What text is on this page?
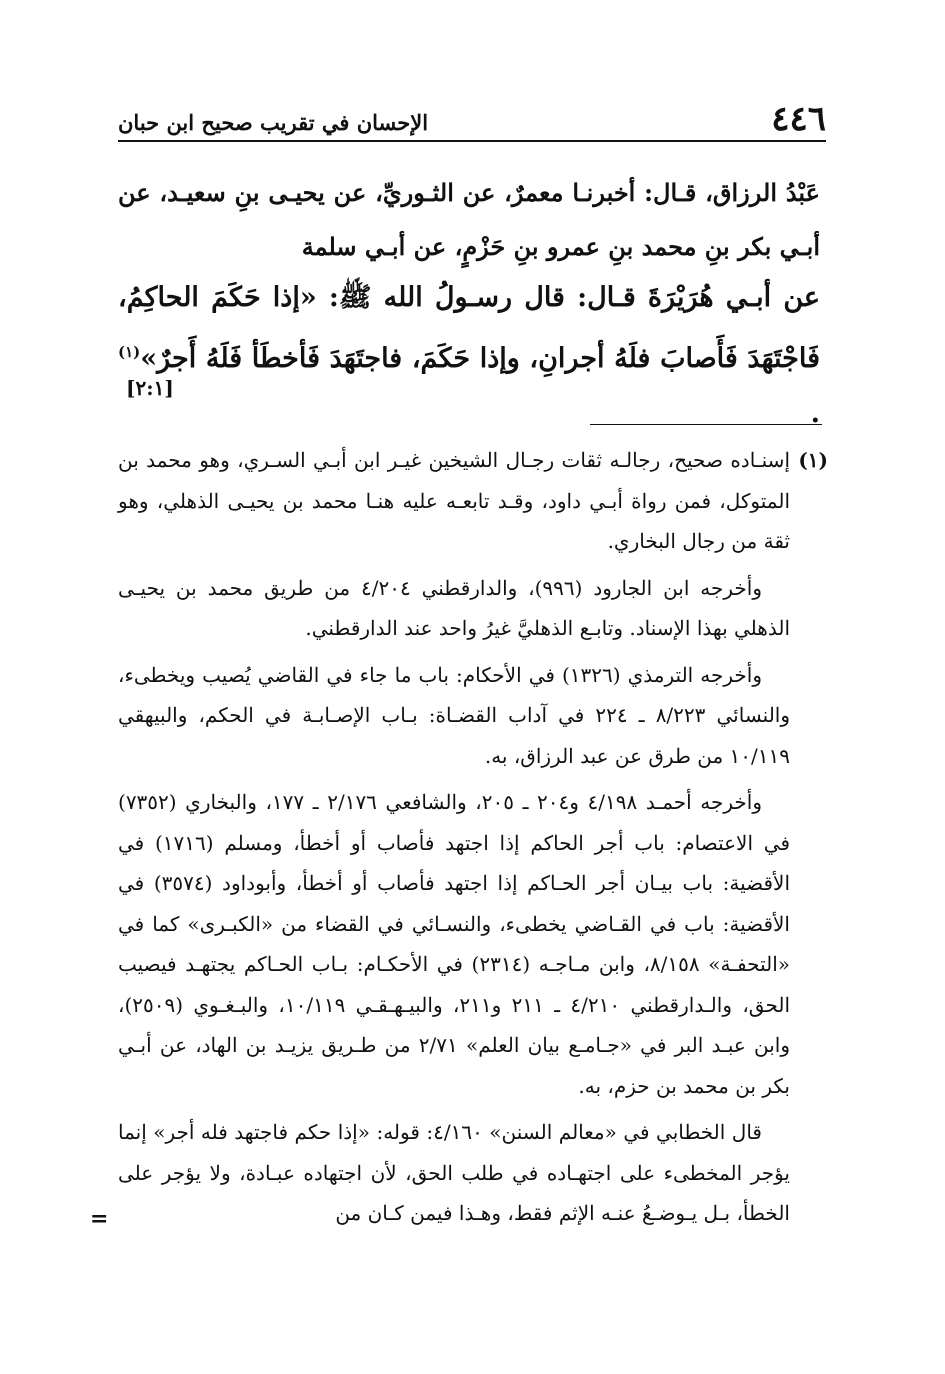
٤٤٦
الإحسان في تقريب صحيح ابن حبان
عَبْدُ الرزاق، قـال: أخبرنـا معمرٌ، عن الثـوريِّ، عن يحيـى بنِ سعيـد، عن أبـي بكر بنِ محمد بنِ عمرو بنِ حَزْمٍ، عن أبـي سلمة
عن أبـي هُرَيْرَةَ قـال: قال رسـولُ الله ﷺ: «إذا حَكَمَ الحاكِمُ، فَاجْتَهَدَ فَأَصابَ فلَهُ أجرانِ، وإذا حَكَمَ، فاجتَهَدَ فَأخطَأ فَلَهُ أَجرٌ»$^{(١)}$ .
[٢:١]
(١)

إسنـاده صحيح، رجالـه ثقات رجـال الشيخين غيـر ابن أبـي السـري، وهو محمد بن المتوكل، فمن رواة أبـي داود، وقـد تابعـه عليه هنـا محمد بن يحيـى الذهلي، وهو ثقة من رجال البخاري.

وأخرجه ابن الجارود (٩٩٦)، والدارقطني ٤/٢٠٤ من طريق محمد بن يحيـى الذهلي بهذا الإسناد. وتابـع الذهليَّ غيرُ واحد عند الدارقطني.

وأخرجه الترمذي (١٣٢٦) في الأحكام: باب ما جاء في القاضي يُصيب ويخطىء، والنسائي ٨/٢٢٣ ـ ٢٢٤ في آداب القضـاة: بـاب الإصـابـة في الحكم، والبيهقي ١٠/١١٩ من طرق عن عبد الرزاق، به.

وأخرجه أحمـد ٤/١٩٨ و٢٠٤ ـ ٢٠٥، والشافعي ٢/١٧٦ ـ ١٧٧، والبخاري (٧٣٥٢) في الاعتصام: باب أجر الحاكم إذا اجتهد فأصاب أو أخطأ، ومسلم (١٧١٦) في الأقضية: باب بيـان أجر الحـاكم إذا اجتهد فأصاب أو أخطأ، وأبوداود (٣٥٧٤) في الأقضية: باب في القـاضي يخطىء، والنسـائي في القضاء من «الكبـرى» كما في «التحفـة» ٨/١٥٨، وابن مـاجـه (٢٣١٤) في الأحكـام: بـاب الحـاكم يجتهـد فيصيب الحق، والـدارقطني ٤/٢١٠ ـ ٢١١ و٢١١، والبيـهـقـي ١٠/١١٩، والبـغـوي (٢٥٠٩)، وابن عبـد البر في «جـامـع بيان العلم» ٢/٧١ من طـريق يزيـد بن الهاد، عن أبـي بكر بن محمد بن حزم، به.

قال الخطابي في «معالم السنن» ٤/١٦٠: قوله: «إذا حكم فاجتهد فله أجر» إنما يؤجر المخطىء على اجتهـاده في طلب الحق، لأن اجتهاده عبـادة، ولا يؤجر على الخطأ، بـل يـوضـعُ عنـه الإثم فقط، وهـذا فيمن كـان من

=
